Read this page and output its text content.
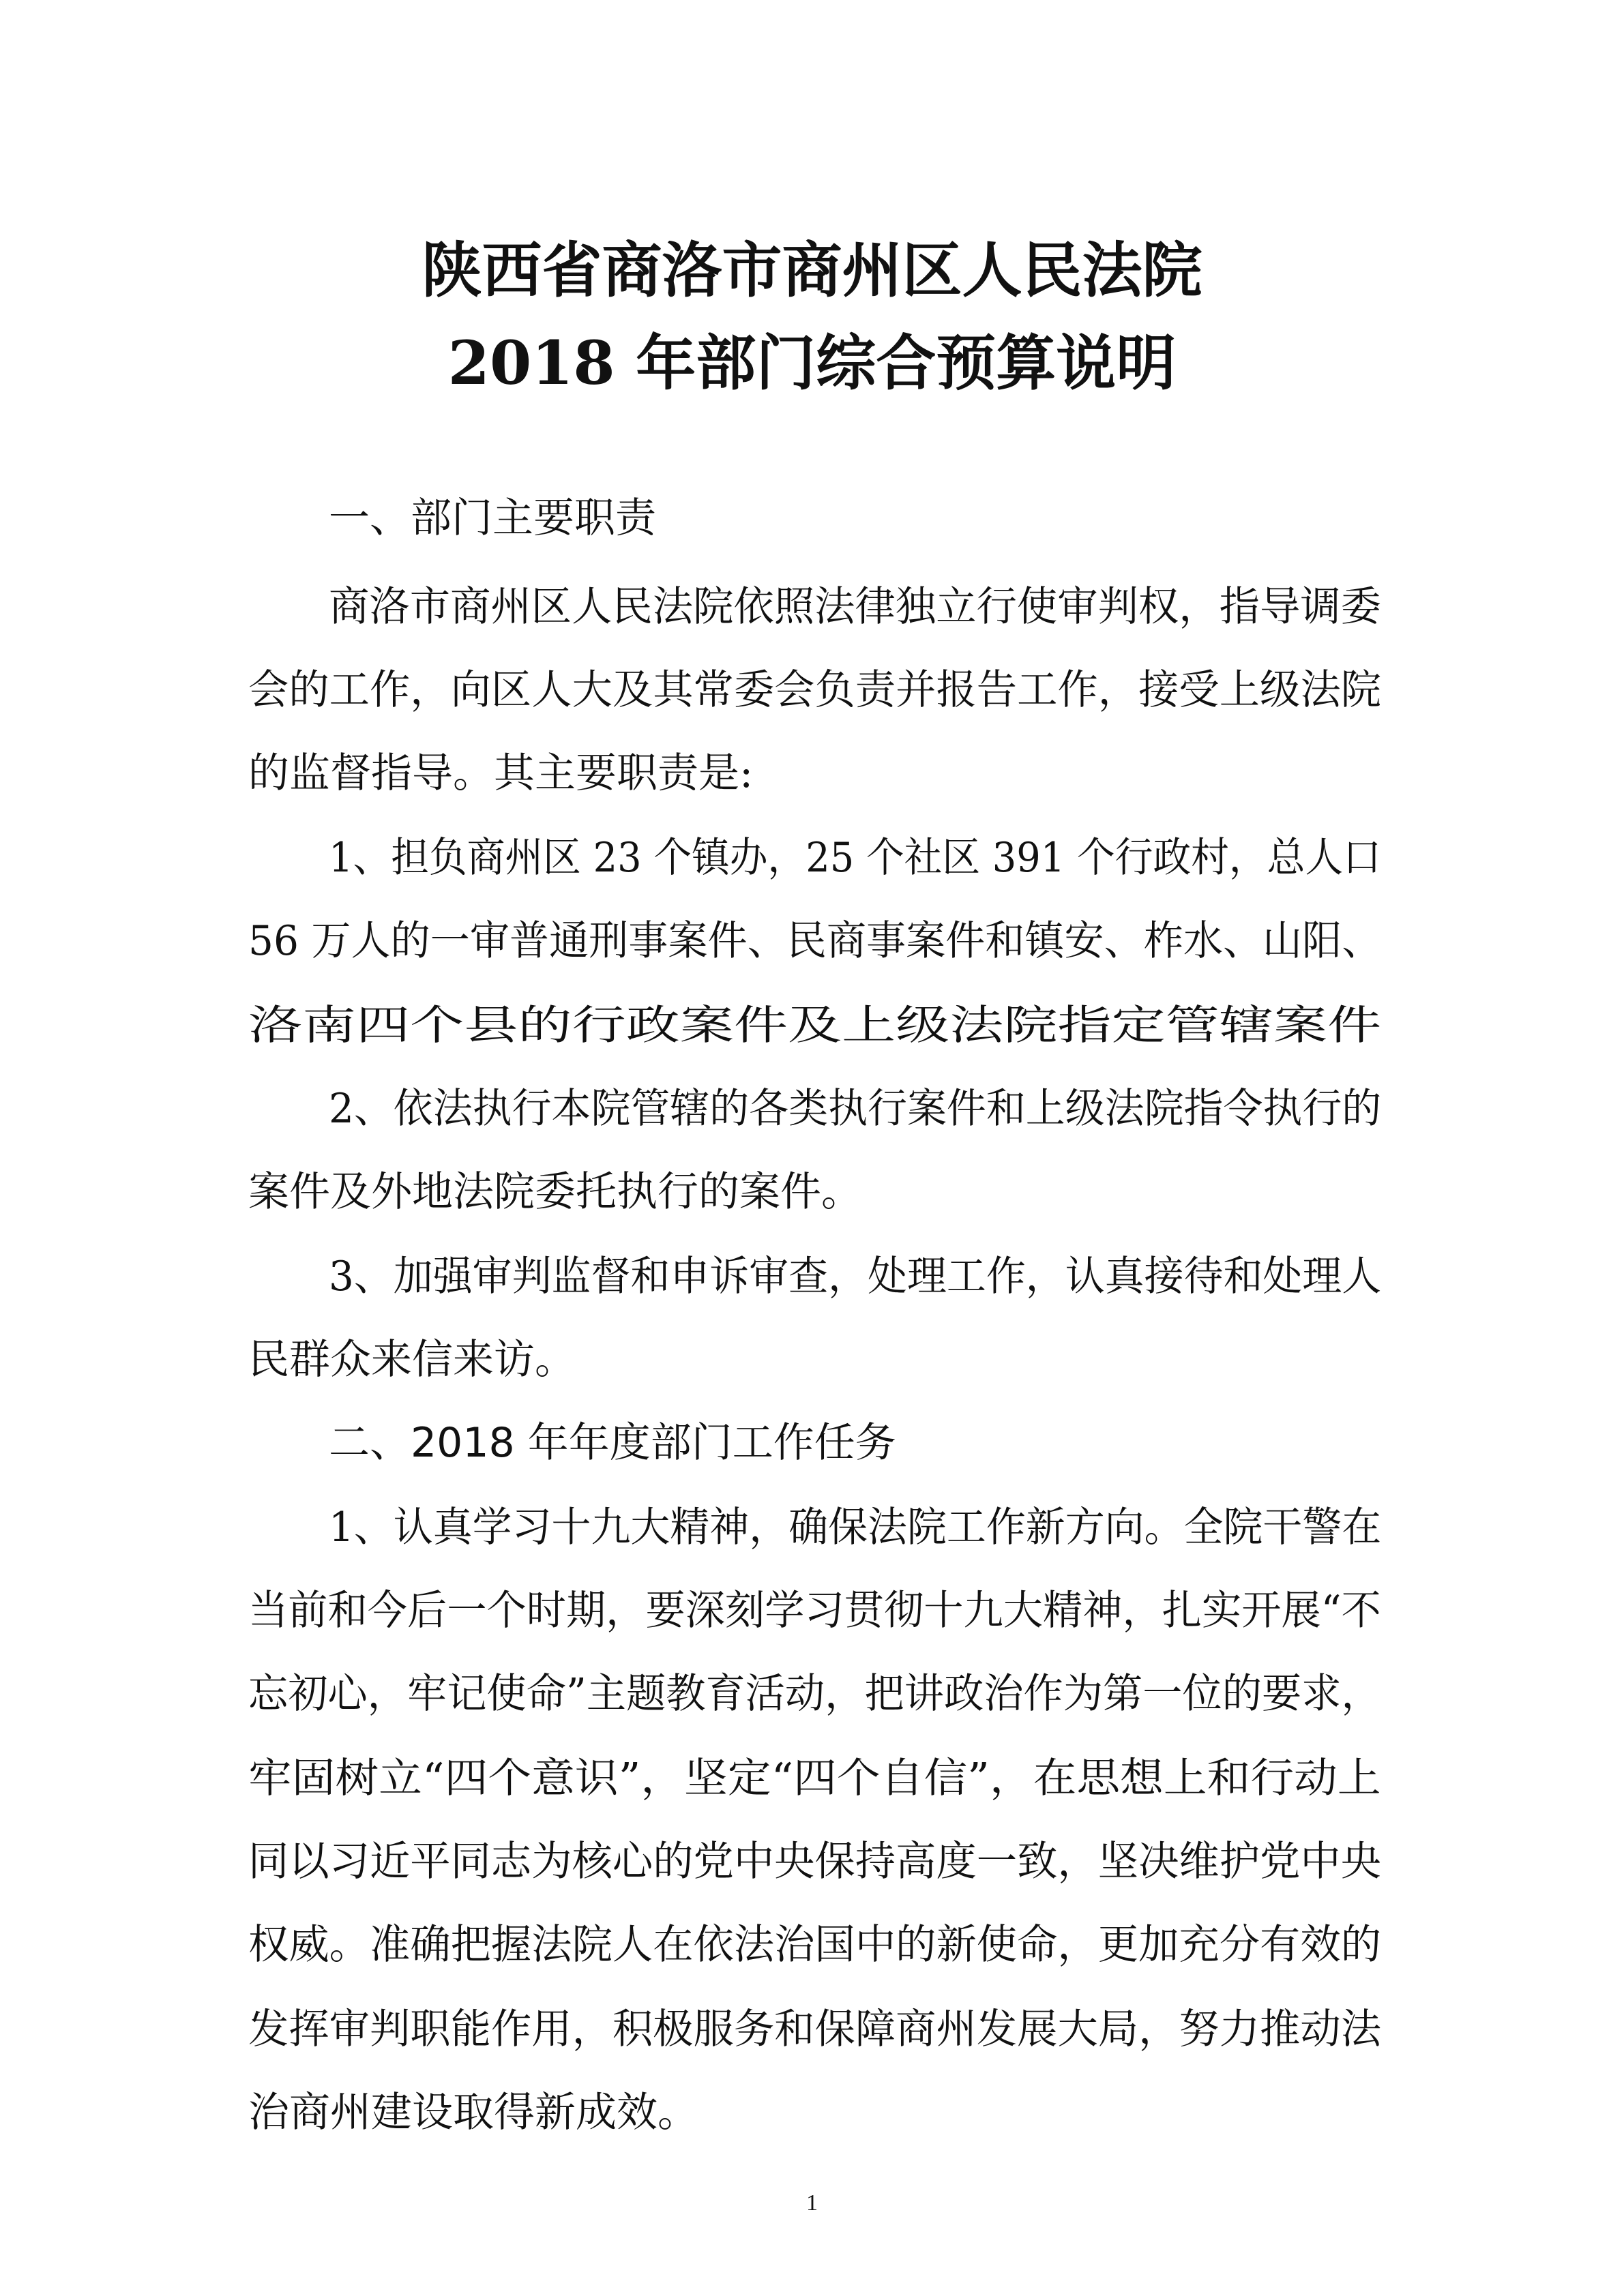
陕西省商洛市商州区人民法院
2018 年部门综合预算说明
一、部门主要职责
商洛市商州区人民法院依照法律独立行使审判权，指导调委
会的工作，向区人大及其常委会负责并报告工作，接受上级法院
的监督指导。其主要职责是:
1、担负商州区 23 个镇办，25 个社区 391 个行政村，总人口
56 万人的一审普通刑事案件、民商事案件和镇安、柞水、山阳、
洛南四个县的行政案件及上级法院指定管辖案件
2、依法执行本院管辖的各类执行案件和上级法院指令执行的
案件及外地法院委托执行的案件。
3、加强审判监督和申诉审查，处理工作，认真接待和处理人
民群众来信来访。
二、2018 年年度部门工作任务
1、认真学习十九大精神，确保法院工作新方向。全院干警在
当前和今后一个时期，要深刻学习贯彻十九大精神，扎实开展“不
忘初心，牢记使命”主题教育活动，把讲政治作为第一位的要求，
牢固树立“四个意识”，坚定“四个自信”，在思想上和行动上
同以习近平同志为核心的党中央保持高度一致，坚决维护党中央
权威。准确把握法院人在依法治国中的新使命，更加充分有效的
发挥审判职能作用，积极服务和保障商州发展大局，努力推动法
治商州建设取得新成效。
1
